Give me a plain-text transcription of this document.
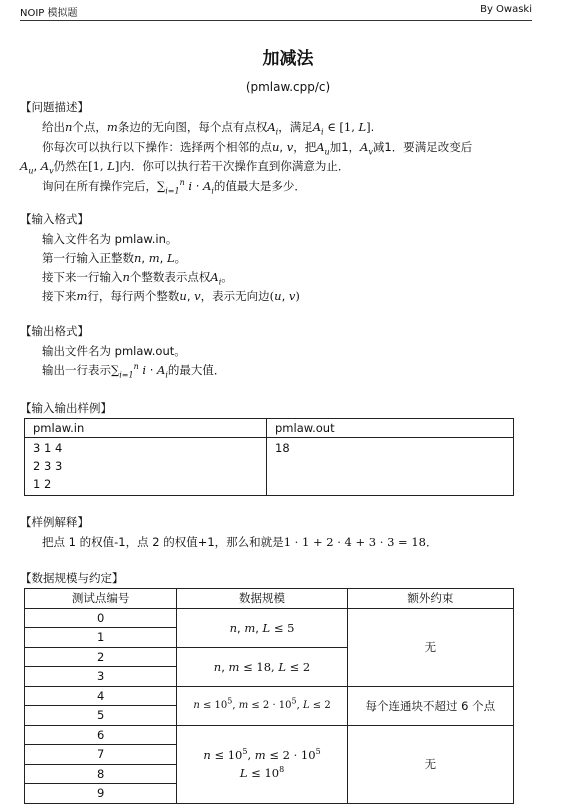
NOIP 模拟题	By Owaski
加减法
(pmlaw.cpp/c)
【问题描述】
给出n个点，m条边的无向图，每个点有点权$A_i$，满足$A_i$ ∈ [1, L].
你每次可以执行以下操作：选择两个相邻的点u, v，把$A_u$加1，$A_v$减1．要满足改变后
$A_u$, $A_v$仍然在[1, L]内．你可以执行若干次操作直到你满意为止．
询问在所有操作完后，$\sum_{i=1}^n$ $i \cdot A_i$的值最大是多少．
【输入格式】
输入文件名为 pmlaw.in。
第一行输入正整数n, m, L。
接下来一行输入n个整数表示点权$A_i$。
接下来m行，每行两个整数u, v，表示无向边(u, v)
【输出格式】
输出文件名为 pmlaw.out。
输出一行表示$\sum_{i=1}^n$ $i \cdot A_i$的最大值．
【输入输出样例】
pmlaw.in	pmlaw.out

3 1 4
2 3 3
1 2	18
【样例解释】
把点 1 的权值-1，点 2 的权值+1，那么和就是1 · 1 + 2 · 4 + 3 · 3 = 18．
【数据规模与约定】
测试点编号	数据规模	额外约束
0	n, m, L ≤ 5	无
1		
2	n, m ≤ 18, L ≤ 2	
3		
4	$n \le 10^5$, $m \le 2 \cdot 10^5$, L ≤ 2	每个连通块不超过 6 个点
5		
6	$n \le 10^5$, $m \le 2 \cdot 10^5$
$L \le 10^8$	无
7		
8		
9		
